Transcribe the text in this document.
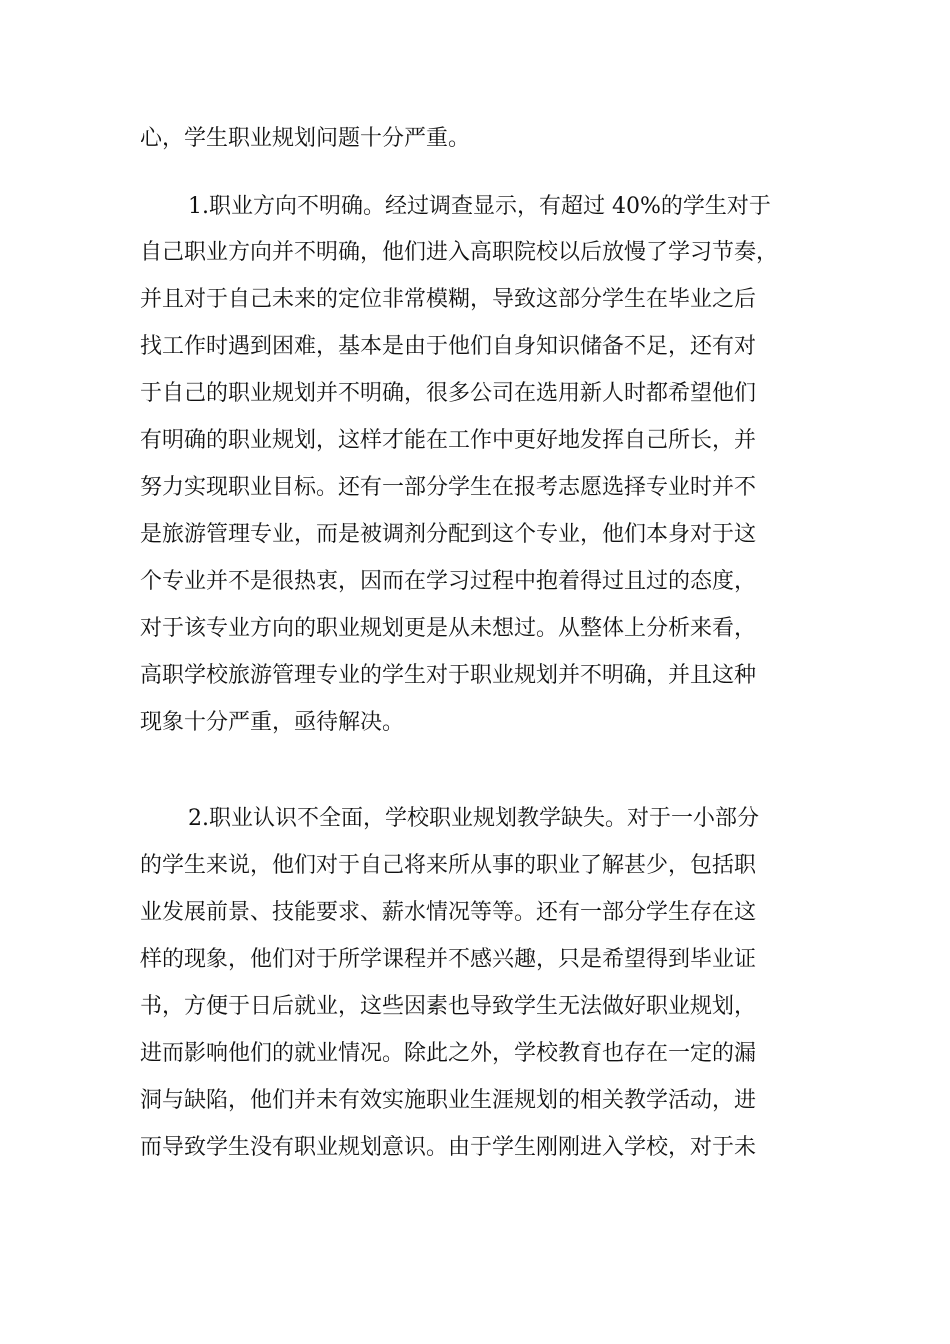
心，学生职业规划问题十分严重。
1.职业方向不明确。经过调查显示，有超过 40%的学生对于
自己职业方向并不明确，他们进入高职院校以后放慢了学习节奏，
并且对于自己未来的定位非常模糊，导致这部分学生在毕业之后
找工作时遇到困难，基本是由于他们自身知识储备不足，还有对
于自己的职业规划并不明确，很多公司在选用新人时都希望他们
有明确的职业规划，这样才能在工作中更好地发挥自己所长，并
努力实现职业目标。还有一部分学生在报考志愿选择专业时并不
是旅游管理专业，而是被调剂分配到这个专业，他们本身对于这
个专业并不是很热衷，因而在学习过程中抱着得过且过的态度，
对于该专业方向的职业规划更是从未想过。从整体上分析来看，
高职学校旅游管理专业的学生对于职业规划并不明确，并且这种
现象十分严重，亟待解决。
2.职业认识不全面，学校职业规划教学缺失。对于一小部分
的学生来说，他们对于自己将来所从事的职业了解甚少，包括职
业发展前景、技能要求、薪水情况等等。还有一部分学生存在这
样的现象，他们对于所学课程并不感兴趣，只是希望得到毕业证
书，方便于日后就业，这些因素也导致学生无法做好职业规划，
进而影响他们的就业情况。除此之外，学校教育也存在一定的漏
洞与缺陷，他们并未有效实施职业生涯规划的相关教学活动，进
而导致学生没有职业规划意识。由于学生刚刚进入学校，对于未
